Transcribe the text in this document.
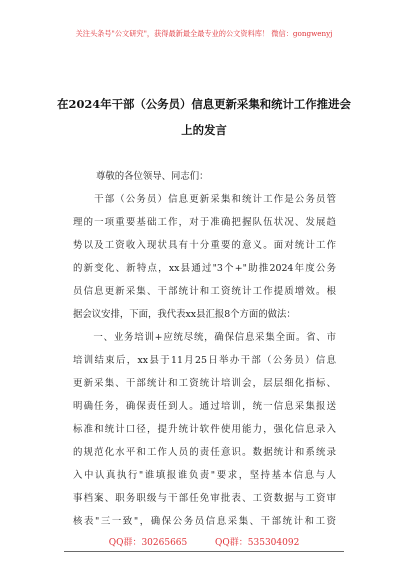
关注头条号"公文研究"，获得最新最全最专业的公文资料库！ 微信：gongwenyj
在2024年干部（公务员）信息更新采集和统计工作推进会
上的发言
尊敬的各位领导、同志们：
　　干部（公务员）信息更新采集和统计工作是公务员管
理的一项重要基础工作，对于准确把握队伍状况、发展趋
势以及工资收入现状具有十分重要的意义。面对统计工作
的新变化、新特点，xx县通过"3个+"助推2024年度公务
员信息更新采集、干部统计和工资统计工作提质增效。根
据会议安排，下面，我代表xx县汇报8个方面的做法：
　　一、业务培训+应统尽统，确保信息采集全面。省、市
培训结束后，xx县于11月25日举办干部（公务员）信息
更新采集、干部统计和工资统计培训会，层层细化指标、
明确任务，确保责任到人。通过培训，统一信息采集报送
标准和统计口径，提升统计软件使用能力，强化信息录入
的规范化水平和工作人员的责任意识。数据统计和系统录
入中认真执行"谁填报谁负责"要求，坚持基本信息与人
事档案、职务职级与干部任免审批表、工资数据与工资审
核表"三一致"，确保公务员信息采集、干部统计和工资
QQ群：30265665	QQ群：535304092
